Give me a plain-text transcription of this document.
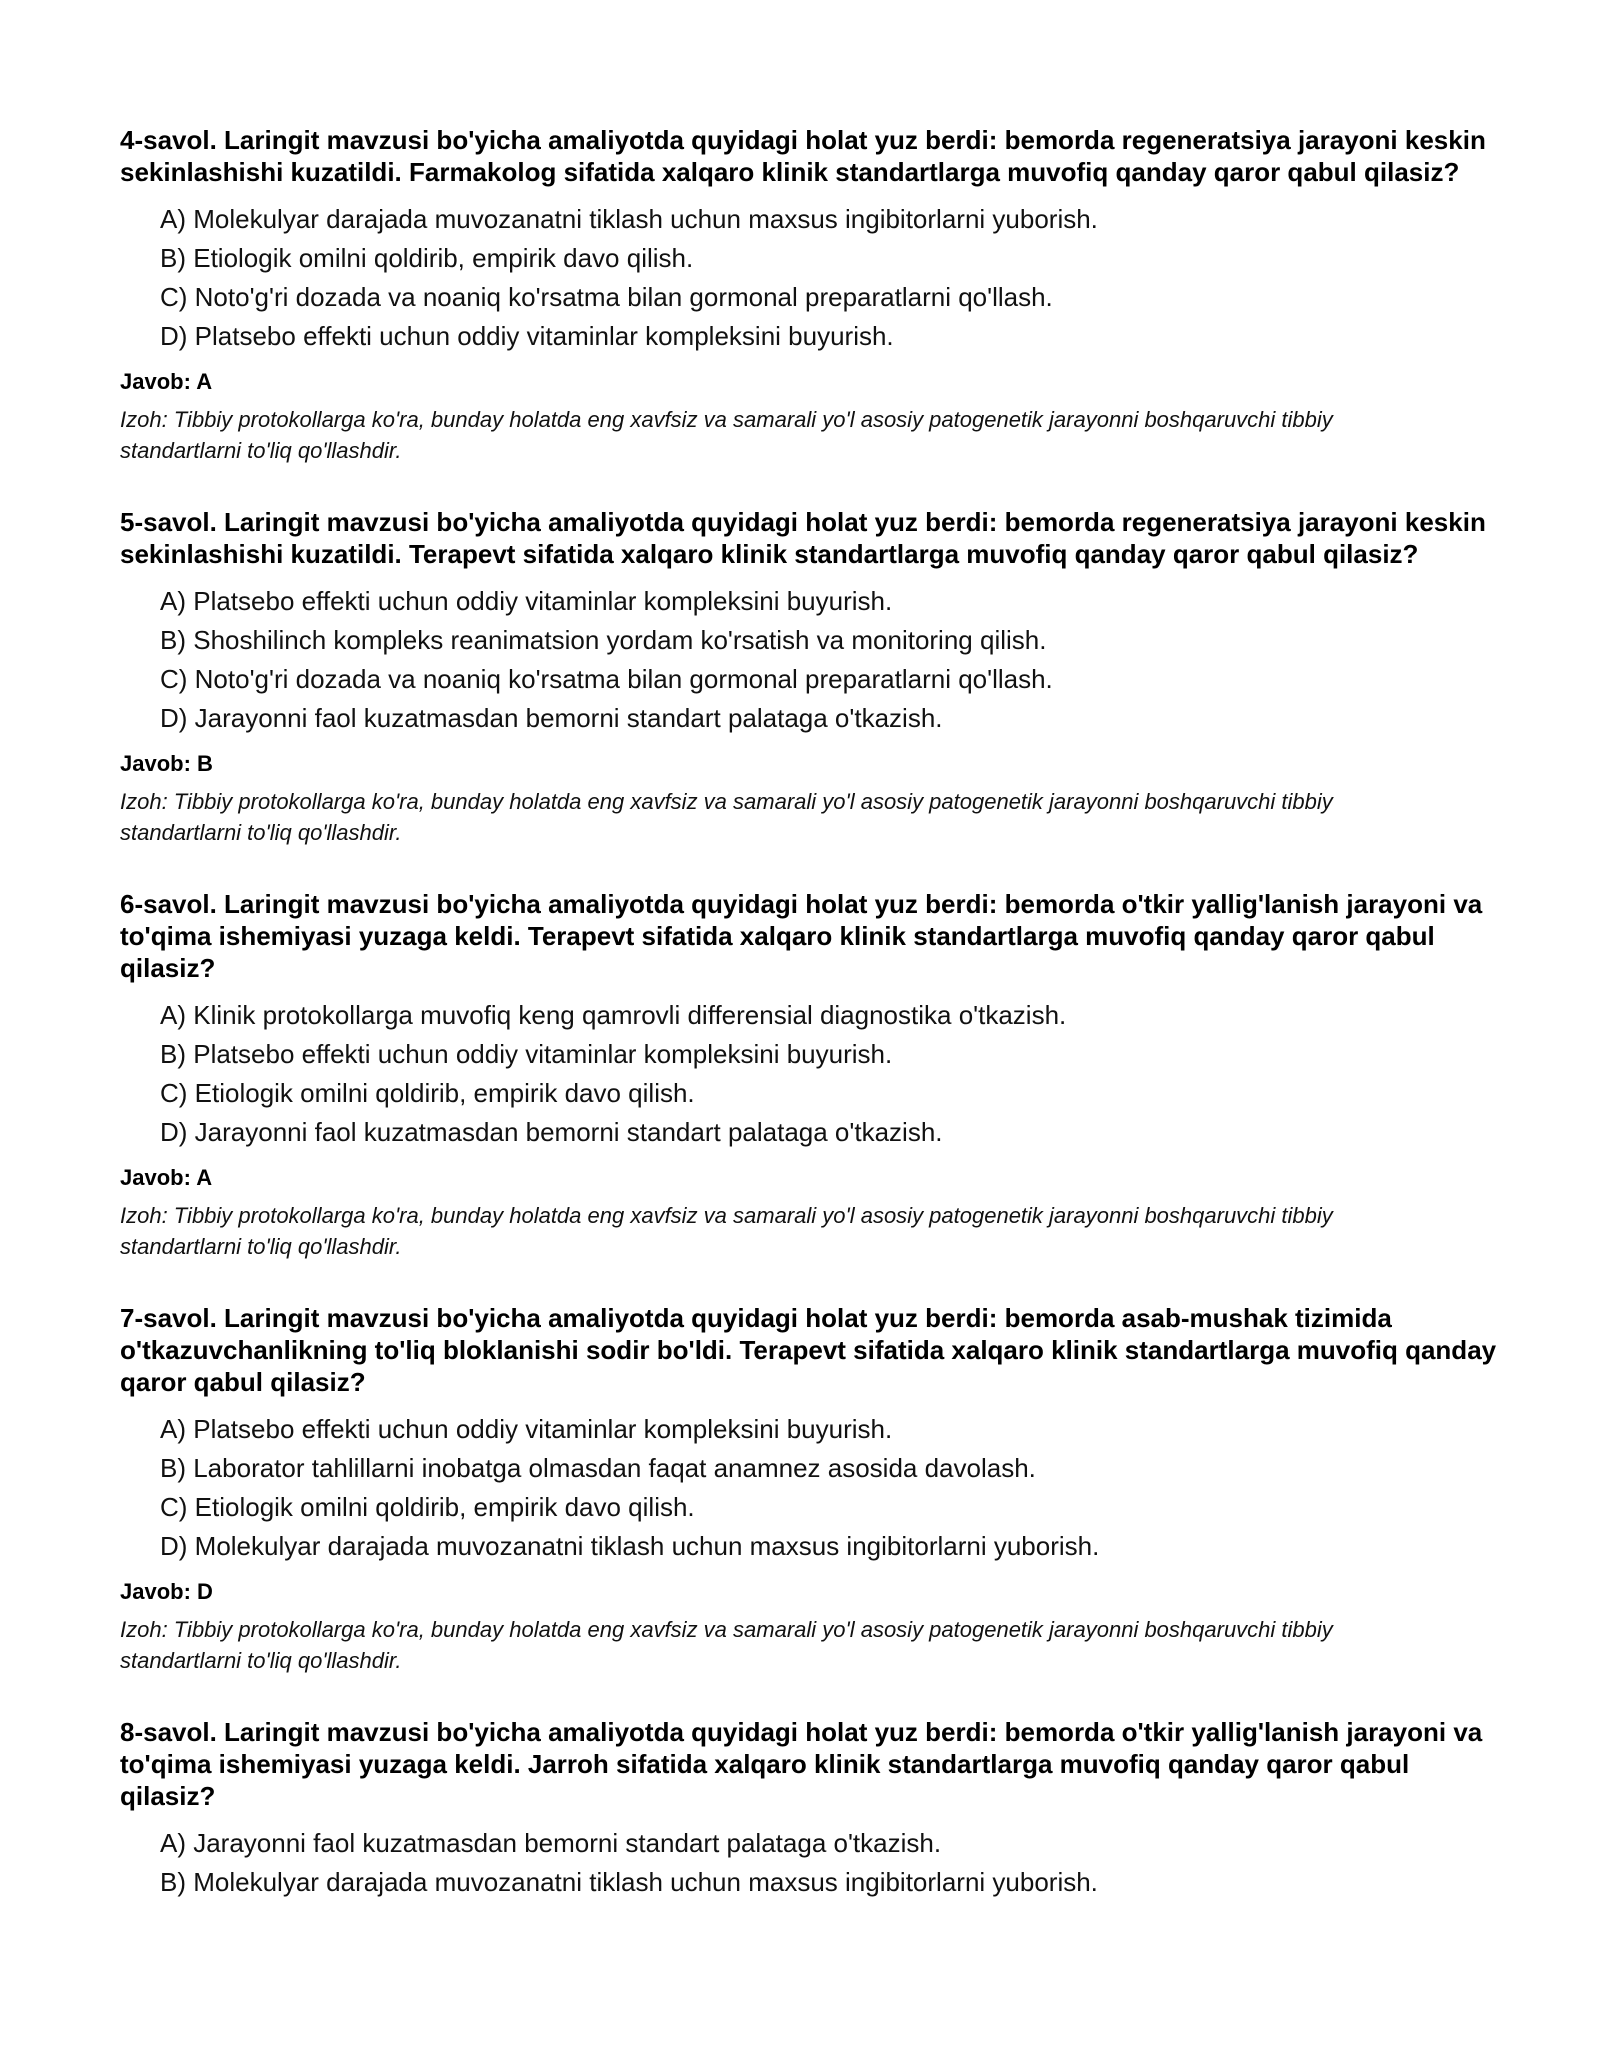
4-savol. Laringit mavzusi bo'yicha amaliyotda quyidagi holat yuz berdi: bemorda regeneratsiya jarayoni keskin sekinlashishi kuzatildi. Farmakolog sifatida xalqaro klinik standartlarga muvofiq qanday qaror qabul qilasiz?
A) Molekulyar darajada muvozanatni tiklash uchun maxsus ingibitorlarni yuborish.
B) Etiologik omilni qoldirib, empirik davo qilish.
C) Noto'g'ri dozada va noaniq ko'rsatma bilan gormonal preparatlarni qo'llash.
D) Platsebo effekti uchun oddiy vitaminlar kompleksini buyurish.
Javob: A
Izoh: Tibbiy protokollarga ko'ra, bunday holatda eng xavfsiz va samarali yo'l asosiy patogenetik jarayonni boshqaruvchi tibbiy standartlarni to'liq qo'llashdir.
5-savol. Laringit mavzusi bo'yicha amaliyotda quyidagi holat yuz berdi: bemorda regeneratsiya jarayoni keskin sekinlashishi kuzatildi. Terapevt sifatida xalqaro klinik standartlarga muvofiq qanday qaror qabul qilasiz?
A) Platsebo effekti uchun oddiy vitaminlar kompleksini buyurish.
B) Shoshilinch kompleks reanimatsion yordam ko'rsatish va monitoring qilish.
C) Noto'g'ri dozada va noaniq ko'rsatma bilan gormonal preparatlarni qo'llash.
D) Jarayonni faol kuzatmasdan bemorni standart palataga o'tkazish.
Javob: B
Izoh: Tibbiy protokollarga ko'ra, bunday holatda eng xavfsiz va samarali yo'l asosiy patogenetik jarayonni boshqaruvchi tibbiy standartlarni to'liq qo'llashdir.
6-savol. Laringit mavzusi bo'yicha amaliyotda quyidagi holat yuz berdi: bemorda o'tkir yallig'lanish jarayoni va to'qima ishemiyasi yuzaga keldi. Terapevt sifatida xalqaro klinik standartlarga muvofiq qanday qaror qabul qilasiz?
A) Klinik protokollarga muvofiq keng qamrovli differensial diagnostika o'tkazish.
B) Platsebo effekti uchun oddiy vitaminlar kompleksini buyurish.
C) Etiologik omilni qoldirib, empirik davo qilish.
D) Jarayonni faol kuzatmasdan bemorni standart palataga o'tkazish.
Javob: A
Izoh: Tibbiy protokollarga ko'ra, bunday holatda eng xavfsiz va samarali yo'l asosiy patogenetik jarayonni boshqaruvchi tibbiy standartlarni to'liq qo'llashdir.
7-savol. Laringit mavzusi bo'yicha amaliyotda quyidagi holat yuz berdi: bemorda asab-mushak tizimida o'tkazuvchanlikning to'liq bloklanishi sodir bo'ldi. Terapevt sifatida xalqaro klinik standartlarga muvofiq qanday qaror qabul qilasiz?
A) Platsebo effekti uchun oddiy vitaminlar kompleksini buyurish.
B) Laborator tahlillarni inobatga olmasdan faqat anamnez asosida davolash.
C) Etiologik omilni qoldirib, empirik davo qilish.
D) Molekulyar darajada muvozanatni tiklash uchun maxsus ingibitorlarni yuborish.
Javob: D
Izoh: Tibbiy protokollarga ko'ra, bunday holatda eng xavfsiz va samarali yo'l asosiy patogenetik jarayonni boshqaruvchi tibbiy standartlarni to'liq qo'llashdir.
8-savol. Laringit mavzusi bo'yicha amaliyotda quyidagi holat yuz berdi: bemorda o'tkir yallig'lanish jarayoni va to'qima ishemiyasi yuzaga keldi. Jarroh sifatida xalqaro klinik standartlarga muvofiq qanday qaror qabul qilasiz?
A) Jarayonni faol kuzatmasdan bemorni standart palataga o'tkazish.
B) Molekulyar darajada muvozanatni tiklash uchun maxsus ingibitorlarni yuborish.
